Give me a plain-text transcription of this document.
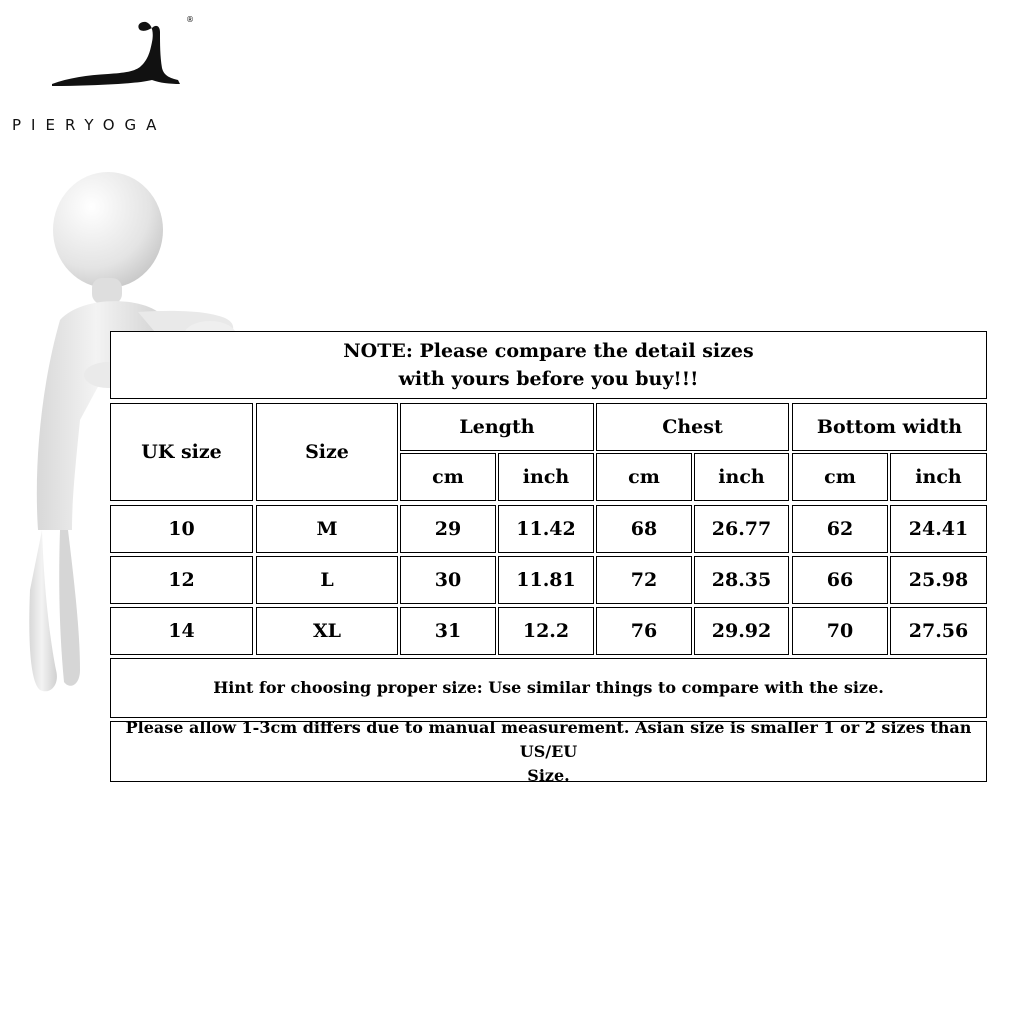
®
PIERYOGA
NOTE: Please compare the detail sizes
with yours before you buy!!!
UK size	Size
Length	Chest	Bottom width
cm	inch	cm	inch	cm	inch
10	M	29	11.42	68	26.77	62	24.41
12	L	30	11.81	72	28.35	66	25.98
14	XL	31	12.2	76	29.92	70	27.56
Hint for choosing proper size: Use similar things to compare with the size.
Please allow 1-3cm differs due to manual measurement. Asian size is smaller 1 or 2 sizes than US/EU
Size.
